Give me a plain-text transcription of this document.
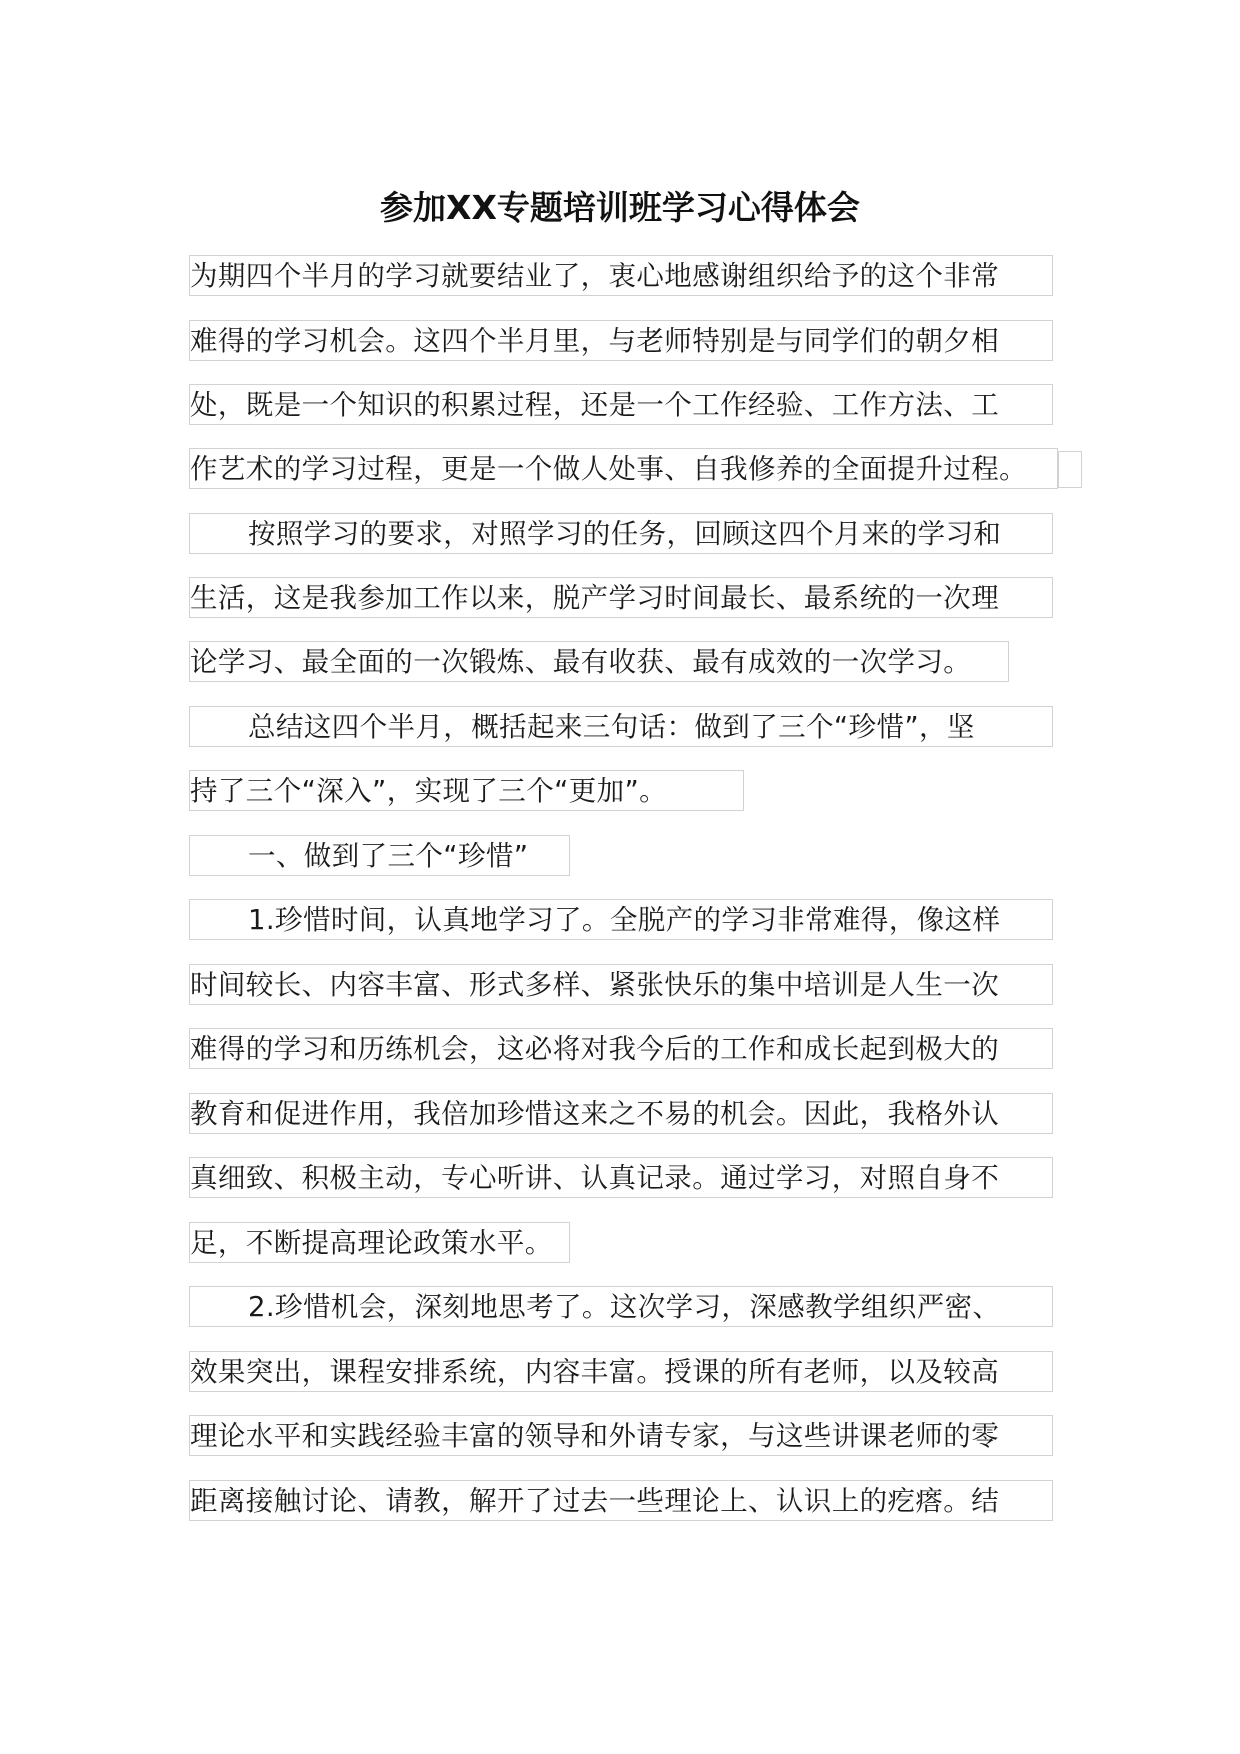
参加XX专题培训班学习心得体会
为期四个半月的学习就要结业了，衷心地感谢组织给予的这个非常
难得的学习机会。这四个半月里，与老师特别是与同学们的朝夕相
处，既是一个知识的积累过程，还是一个工作经验、工作方法、工
作艺术的学习过程，更是一个做人处事、自我修养的全面提升过程。
按照学习的要求，对照学习的任务，回顾这四个月来的学习和
生活，这是我参加工作以来，脱产学习时间最长、最系统的一次理
论学习、最全面的一次锻炼、最有收获、最有成效的一次学习。
总结这四个半月，概括起来三句话：做到了三个“珍惜”，坚
持了三个“深入”，实现了三个“更加”。
一、做到了三个“珍惜”
1.珍惜时间，认真地学习了。全脱产的学习非常难得，像这样
时间较长、内容丰富、形式多样、紧张快乐的集中培训是人生一次
难得的学习和历练机会，这必将对我今后的工作和成长起到极大的
教育和促进作用，我倍加珍惜这来之不易的机会。因此，我格外认
真细致、积极主动，专心听讲、认真记录。通过学习，对照自身不
足，不断提高理论政策水平。
2.珍惜机会，深刻地思考了。这次学习，深感教学组织严密、
效果突出，课程安排系统，内容丰富。授课的所有老师，以及较高
理论水平和实践经验丰富的领导和外请专家，与这些讲课老师的零
距离接触讨论、请教，解开了过去一些理论上、认识上的疙瘩。结
